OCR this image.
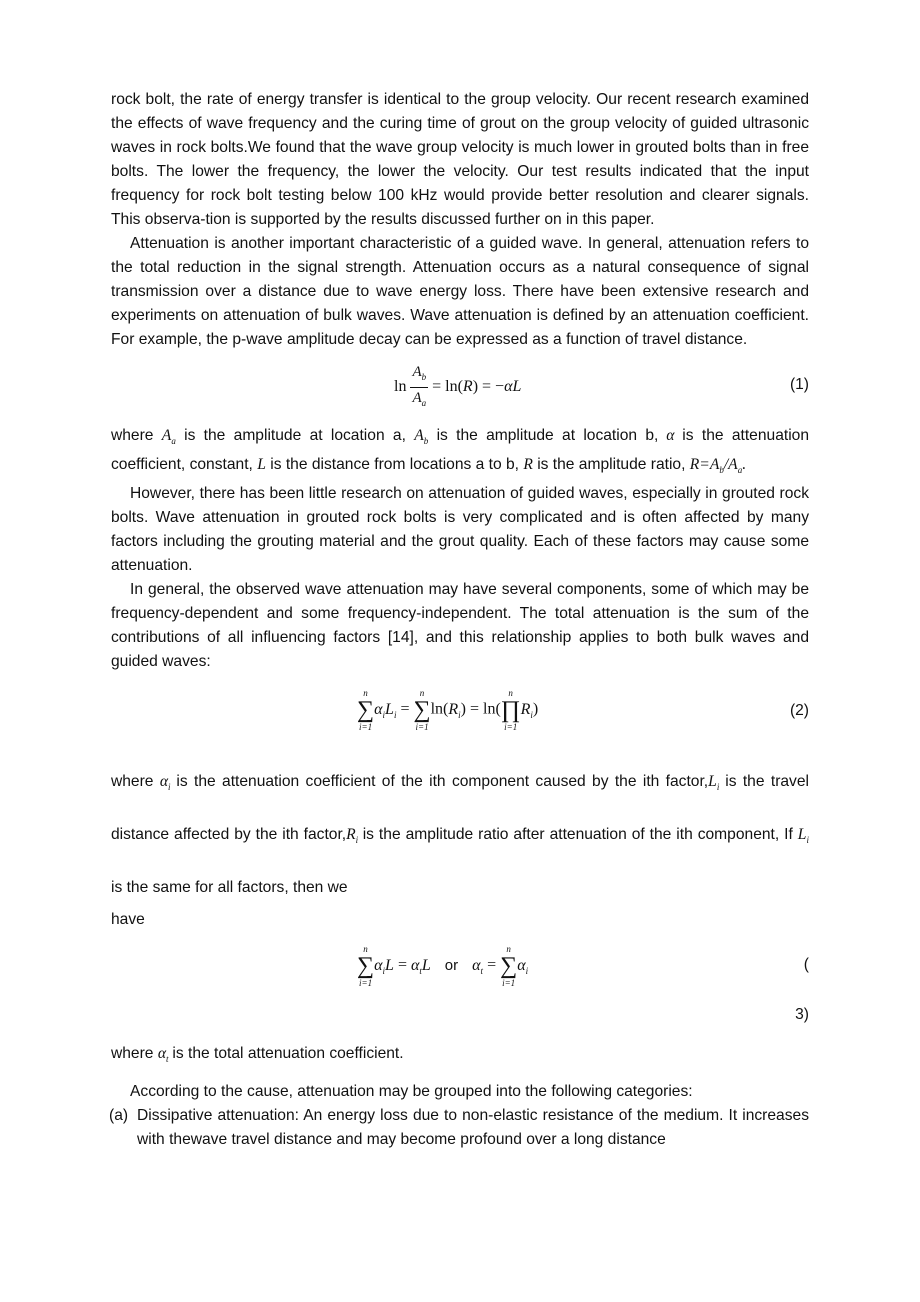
rock bolt, the rate of energy transfer is identical to the group velocity. Our recent research examined the effects of wave frequency and the curing time of grout on the group velocity of guided ultrasonic waves in rock bolts.We found that the wave group velocity is much lower in grouted bolts than in free bolts. The lower the frequency, the lower the velocity. Our test results indicated that the input frequency for rock bolt testing below 100 kHz would provide better resolution and clearer signals. This observa-tion is supported by the results discussed further on in this paper.

Attenuation is another important characteristic of a guided wave. In general, attenuation refers to the total reduction in the signal strength. Attenuation occurs as a natural consequence of signal transmission over a distance due to wave energy loss. There have been extensive research and experiments on attenuation of bulk waves. Wave attenuation is defined by an attenuation coefficient. For example, the p-wave amplitude decay can be expressed as a function of travel distance.

$\ln \frac{A_b}{A_a} = \ln(R) = -\alpha L$	(1)

where $A_a$ is the amplitude at location a, $A_b$ is the amplitude at location b, α is the attenuation coefficient, constant, L is the distance from locations a to b, R is the amplitude ratio, $R=A_b/A_a$.

However, there has been little research on attenuation of guided waves, especially in grouted rock bolts. Wave attenuation in grouted rock bolts is very complicated and is often affected by many factors including the grouting material and the grout quality. Each of these factors may cause some attenuation.

In general, the observed wave attenuation may have several components, some of which may be frequency-dependent and some frequency-independent. The total attenuation is the sum of the contributions of all influencing factors [14], and this relationship applies to both bulk waves and guided waves:

n
∑
i=1
$\alpha_iL_i$ =
n
∑
i=1
$\ln(R_i) = \ln$(
n
∏
i=1
$R_i$)	(2)

where $\alpha_i$ is the attenuation coefficient of the ith component caused by the ith $factor,L_i$ is the travel distance affected by the ith $factor,R_i$ is the amplitude ratio after attenuation of the ith component, If $L_i$ is the same for all factors, then we

have

n
∑
i=1
$\alpha_iL = \alpha_tL$ or $\alpha_t$ =
n
∑
i=1
$\alpha_i$	(
3)

where $\alpha_t$ is the total attenuation coefficient.

According to the cause, attenuation may be grouped into the following categories:

(a) Dissipative attenuation: An energy loss due to non-elastic resistance of the medium. It increases with thewave travel distance and may become profound over a long distance
